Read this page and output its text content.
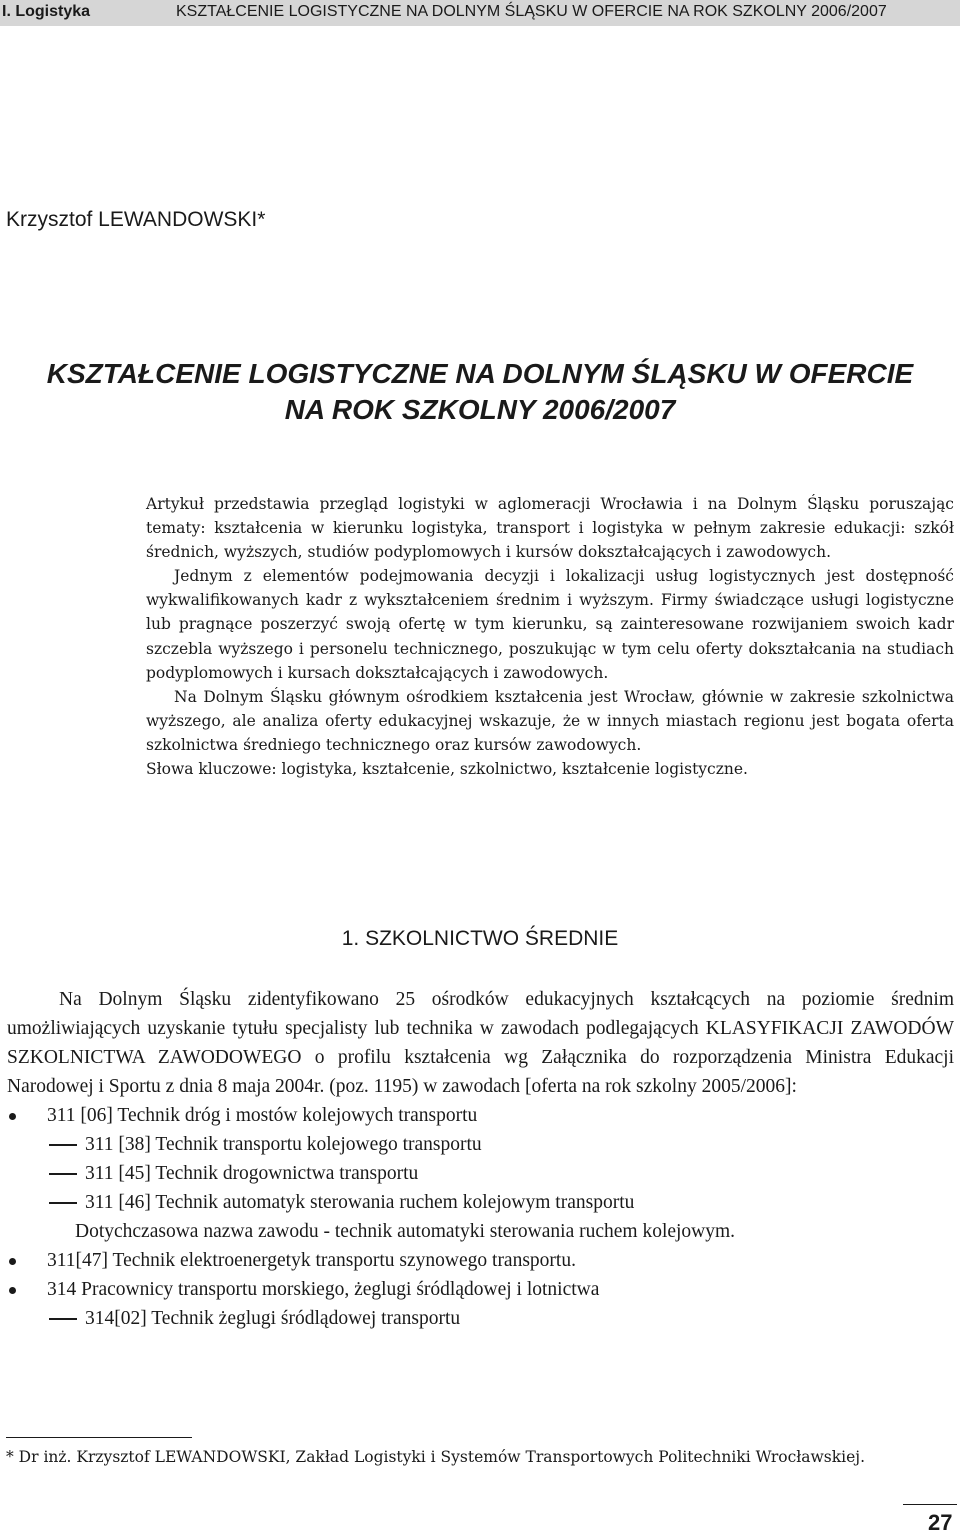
I. Logistyka	KSZTAŁCENIE LOGISTYCZNE NA DOLNYM ŚLĄSKU W OFERCIE NA ROK SZKOLNY 2006/2007
Krzysztof LEWANDOWSKI*
KSZTAŁCENIE LOGISTYCZNE NA DOLNYM ŚLĄSKU W OFERCIE
NA ROK SZKOLNY 2006/2007

Artykuł przedstawia przegląd logistyki w aglomeracji Wrocławia i na Dolnym Śląsku poruszając tematy: kształcenia w kierunku logistyka, transport i logistyka w pełnym zakresie edukacji: szkół średnich, wyższych, studiów podyplomowych i kursów dokształcających i zawodowych.

Jednym z elementów podejmowania decyzji i lokalizacji usług logistycznych jest dostępność wykwalifikowanych kadr z wykształceniem średnim i wyższym. Firmy świadczące usługi logistyczne lub pragnące poszerzyć swoją ofertę w tym kierunku, są zainteresowane rozwijaniem swoich kadr szczebla wyższego i personelu technicznego, poszukując w tym celu oferty dokształcania na studiach podyplomowych i kursach dokształcających i zawodowych.

Na Dolnym Śląsku głównym ośrodkiem kształcenia jest Wrocław, głównie w zakresie szkolnictwa wyższego, ale analiza oferty edukacyjnej wskazuje, że w innych miastach regionu jest bogata oferta szkolnictwa średniego technicznego oraz kursów zawodowych.

Słowa kluczowe: logistyka, kształcenie, szkolnictwo, kształcenie logistyczne.

1. SZKOLNICTWO ŚREDNIE

Na Dolnym Śląsku zidentyfikowano 25 ośrodków edukacyjnych kształcących na poziomie średnim umożliwiających uzyskanie tytułu specjalisty lub technika w zawodach podlegających KLASYFIKACJI ZAWODÓW SZKOLNICTWA ZAWODOWEGO o profilu kształcenia wg Załącznika do rozporządzenia Ministra Edukacji Narodowej i Sportu z dnia 8 maja 2004r. (poz. 1195) w zawodach [oferta na rok szkolny 2005/2006]:

311 [06] Technik dróg i mostów kolejowych transportu
311 [38] Technik transportu kolejowego transportu
311 [45] Technik drogownictwa transportu
311 [46] Technik automatyk sterowania ruchem kolejowym transportu
Dotychczasowa nazwa zawodu - technik automatyki sterowania ruchem kolejowym.
311[47] Technik elektroenergetyk transportu szynowego transportu.
314 Pracownicy transportu morskiego, żeglugi śródlądowej i lotnictwa
314[02] Technik żeglugi śródlądowej transportu

* Dr inż. Krzysztof LEWANDOWSKI, Zakład Logistyki i Systemów Transportowych Politechniki Wrocławskiej.

27
